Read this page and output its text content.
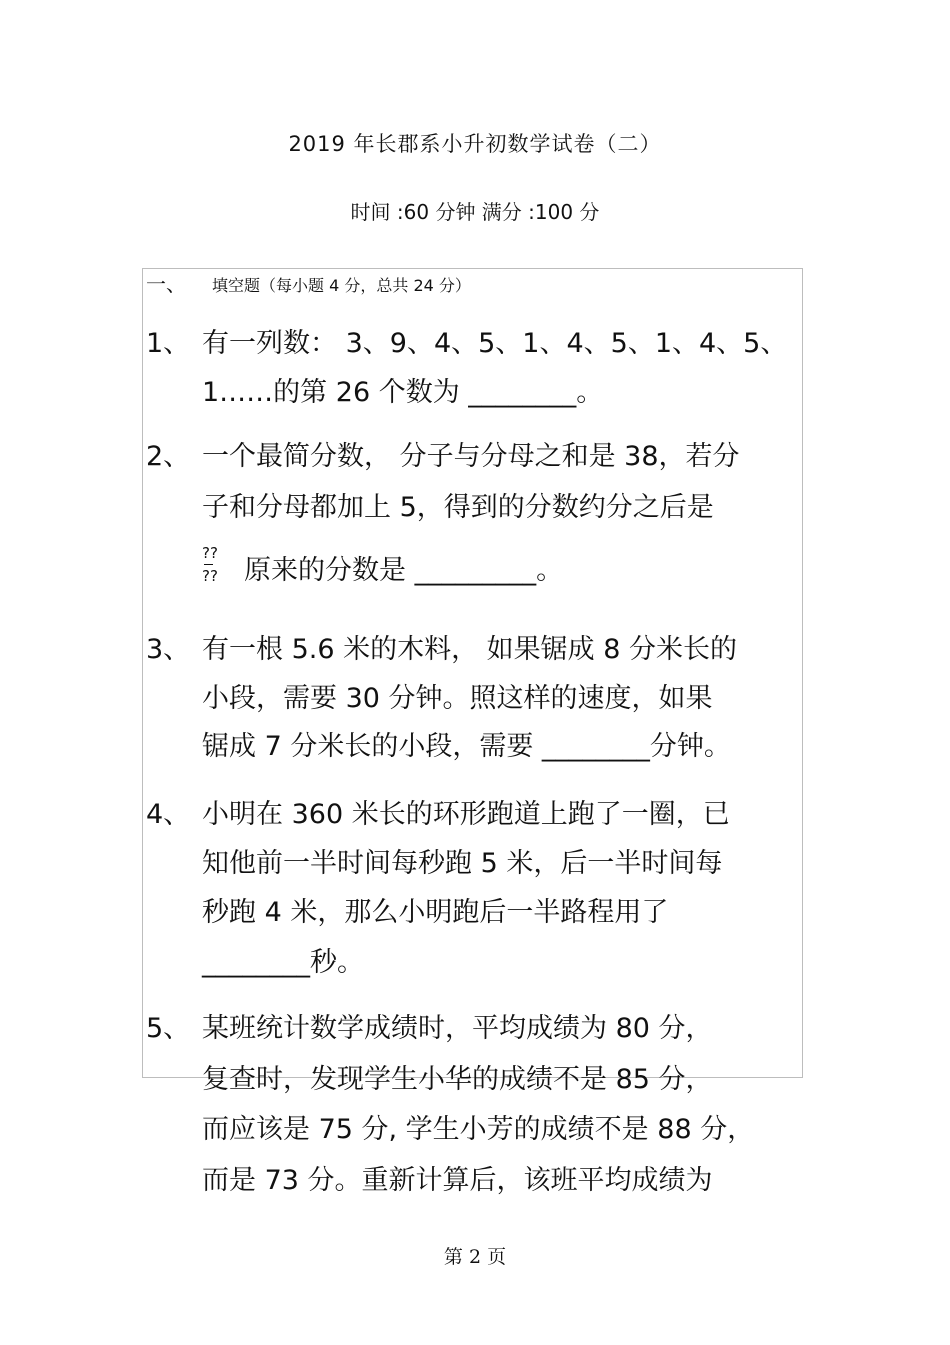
2019 年长郡系小升初数学试卷（二）
时间 :60 分钟 满分 :100 分
一、 填空题（每小题 4 分，总共 24 分）
1、 有一列数： 3、9、4、5、1、4、5、1、4、5、
1……的第 26 个数为 ________。
2、 一个最简分数， 分子与分母之和是 38，若分
子和分母都加上 5，得到的分数约分之后是
??
?? 原来的分数是 _________。
3、 有一根 5.6 米的木料， 如果锯成 8 分米长的
小段，需要 30 分钟。照这样的速度，如果
锯成 7 分米长的小段，需要 ________分钟。
4、 小明在 360 米长的环形跑道上跑了一圈，已
知他前一半时间每秒跑 5 米，后一半时间每
秒跑 4 米，那么小明跑后一半路程用了
________秒。
5、 某班统计数学成绩时，平均成绩为 80 分，
复查时，发现学生小华的成绩不是 85 分，
而应该是 75 分, 学生小芳的成绩不是 88 分，
而是 73 分。重新计算后，该班平均成绩为
第 2 页
